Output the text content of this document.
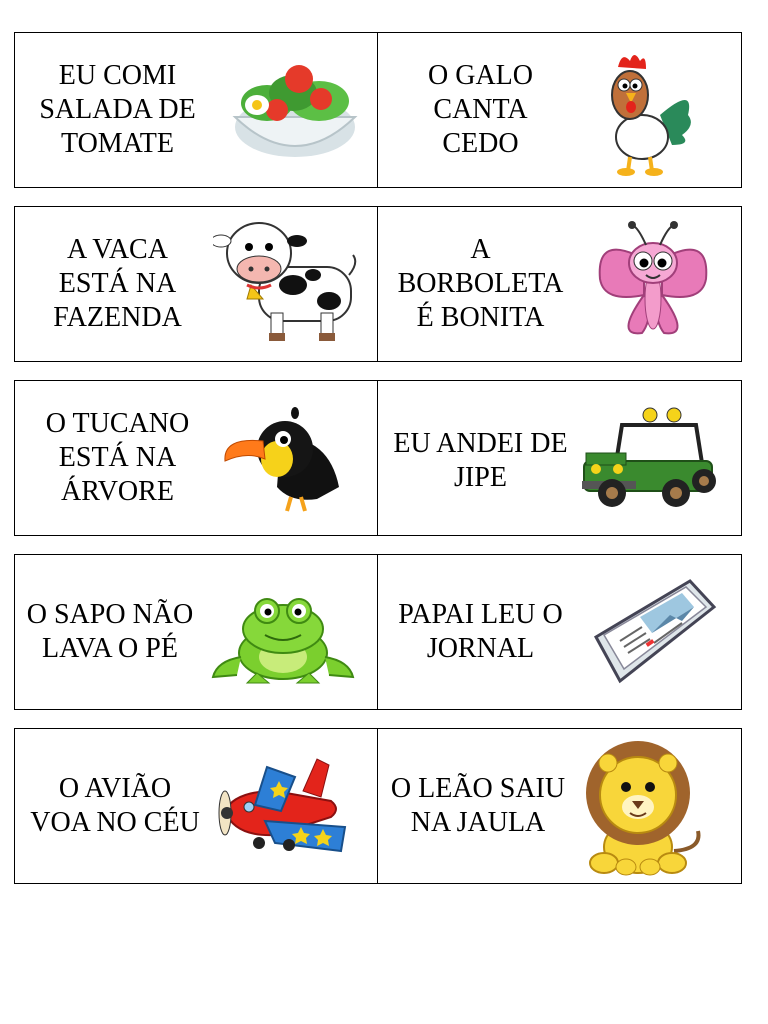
EU COMI
SALADA DE
TOMATE
O GALO
CANTA
CEDO
A VACA
ESTÁ NA
FAZENDA
A
BORBOLETA
É BONITA
O TUCANO
ESTÁ NA
ÁRVORE
EU ANDEI DE
JIPE
O SAPO NÃO
LAVA O PÉ
PAPAI LEU O
JORNAL
O AVIÃO
VOA NO CÉU
O LEÃO SAIU
NA JAULA
